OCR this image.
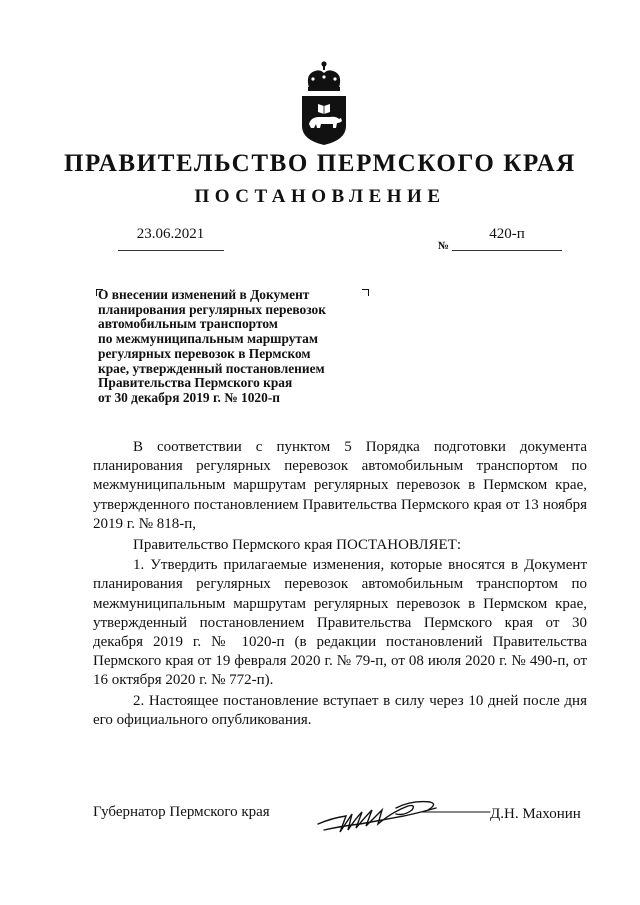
ПРАВИТЕЛЬСТВО ПЕРМСКОГО КРАЯ
ПОСТАНОВЛЕНИЕ
23.06.2021
№
420-п
О внесении изменений в Документ
планирования регулярных перевозок
автомобильным транспортом
по межмуниципальным маршрутам
регулярных перевозок в Пермском
крае, утвержденный постановлением
Правительства Пермского края
от 30 декабря 2019 г. № 1020-п

В соответствии с пунктом 5 Порядка подготовки документа планирования регулярных перевозок автомобильным транспортом по межмуниципальным маршрутам регулярных перевозок в Пермском крае, утвержденного постановлением Правительства Пермского края от 13 ноября 2019 г. № 818-п,

Правительство Пермского края ПОСТАНОВЛЯЕТ:

1. Утвердить прилагаемые изменения, которые вносятся в Документ планирования регулярных перевозок автомобильным транспортом по межмуниципальным маршрутам регулярных перевозок в Пермском крае, утвержденный постановлением Правительства Пермского края от 30 декабря 2019 г. № 1020-п (в редакции постановлений Правительства Пермского края от 19 февраля 2020 г. № 79-п, от 08 июля 2020 г. № 490-п, от 16 октября 2020 г. № 772-п).

2. Настоящее постановление вступает в силу через 10 дней после дня его официального опубликования.

Губернатор Пермского края	Д.Н. Махонин
